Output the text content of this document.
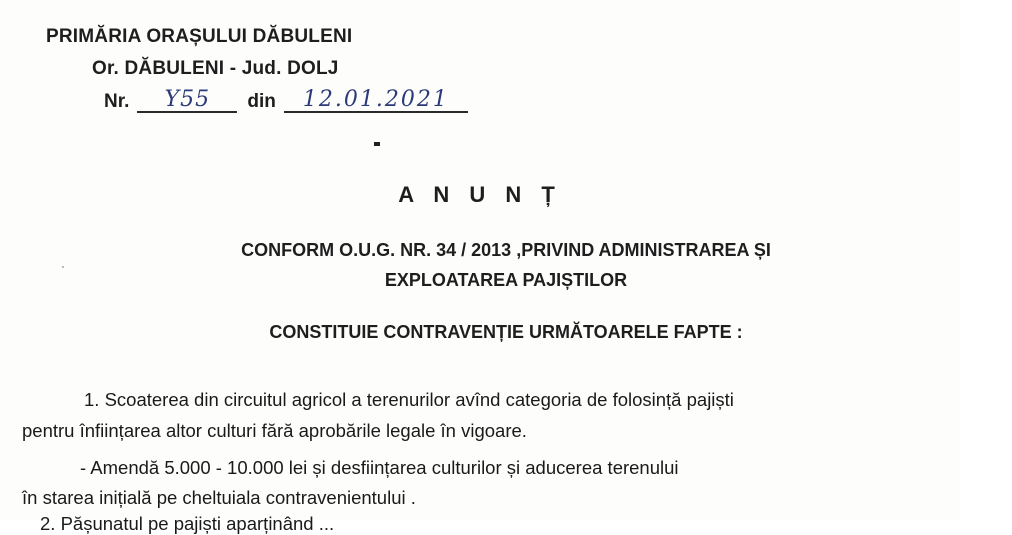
PRIMĂRIA ORAȘULUI DĂBULENI
Or. DĂBULENI - Jud. DOLJ
Nr.	Y55	din	12.01.2021
A N U N Ț
CONFORM O.U.G. NR. 34 / 2013 ,PRIVIND ADMINISTRAREA ȘI
EXPLOATAREA PAJIȘTILOR
CONSTITUIE CONTRAVENȚIE URMĂTOARELE FAPTE :
1. Scoaterea din circuitul agricol a terenurilor avînd categoria de folosință pajiști
pentru înființarea altor culturi fără aprobările legale în vigoare.
- Amendă 5.000 - 10.000 lei și desființarea culturilor și aducerea terenului
în starea inițială pe cheltuiala contravenientului .
2. Pășunatul pe pajiști aparținând ...
